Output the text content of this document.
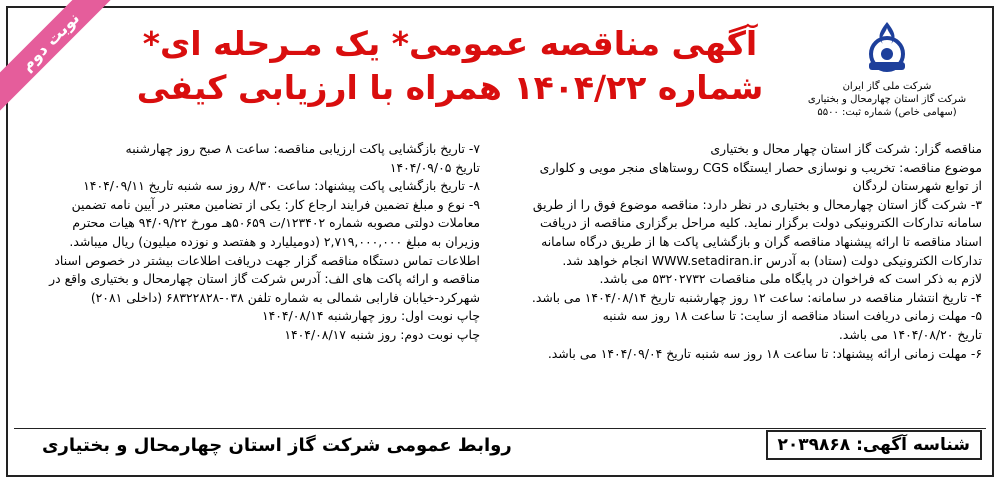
نوبت دوم
شرکت ملی گاز ایران
شرکت گاز استان چهارمحال و بختیاری
(سهامی خاص) شماره ثبت: ۵۵۰۰
آگهی مناقصه عمومی* یک مـرحله ای*
شماره ۱۴۰۴/۲۲ همراه با ارزیابی کیفی
مناقصه گزار: شرکت گاز استان چهار محال و بختیاری
موضوع مناقصه: تخریب و نوسازی حصار ایستگاه CGS روستاهای منجر مویی و کلواری
از توابع شهرستان لردگان
۳- شرکت گاز استان چهارمحال و بختیاری در نظر دارد: مناقصه موضوع فوق را از طریق
سامانه تدارکات الکترونیکی دولت برگزار نماید. کلیه مراحل برگزاری مناقصه از دریافت
اسناد مناقصه تا ارائه پیشنهاد مناقصه گران و بازگشایی پاکت ها از طریق درگاه سامانه
تدارکات الکترونیکی دولت (ستاد) به آدرس WWW.setadiran.ir انجام خواهد شد.
لازم به ذکر است که فراخوان در پایگاه ملی مناقصات ۵۳۲۰۲۷۳۲ می باشد.
۴- تاریخ انتشار مناقصه در سامانه: ساعت ۱۲ روز چهارشنبه تاریخ ۱۴۰۴/۰۸/۱۴ می باشد.
۵- مهلت زمانی دریافت اسناد مناقصه از سایت: تا ساعت ۱۸ روز سه شنبه
تاریخ ۱۴۰۴/۰۸/۲۰ می باشد.
۶- مهلت زمانی ارائه پیشنهاد: تا ساعت ۱۸ روز سه شنبه تاریخ ۱۴۰۴/۰۹/۰۴ می باشد.
۷- تاریخ بازگشایی پاکت ارزیابی مناقصه: ساعت ۸ صبح روز چهارشنبه
تاریخ ۱۴۰۴/۰۹/۰۵
۸- تاریخ بازگشایی پاکت پیشنهاد: ساعت ۸/۳۰ روز سه شنبه تاریخ ۱۴۰۴/۰۹/۱۱
۹- نوع و مبلغ تضمین فرایند ارجاع کار: یکی از تضامین معتبر در آیین نامه تضمین
معاملات دولتی مصوبه شماره ۱۲۳۴۰۲/ت ۵۰۶۵۹هـ مورخ ۹۴/۰۹/۲۲ هیات محترم
وزیران به مبلغ ۲,۷۱۹,۰۰۰,۰۰۰ (دومیلیارد و هفتصد و نوزده میلیون) ریال میباشد.
اطلاعات تماس دستگاه مناقصه گزار جهت دریافت اطلاعات بیشتر در خصوص اسناد
مناقصه و ارائه پاکت های الف: آدرس شرکت گاز استان چهارمحال و بختیاری واقع در
شهرکرد-خیابان فارابی شمالی به شماره تلفن ۰۳۸-۶۸۳۲۲۸۲۸ (داخلی ۲۰۸۱)
چاپ نوبت اول: روز چهارشنبه ۱۴۰۴/۰۸/۱۴
چاپ نوبت دوم: روز شنبه ۱۴۰۴/۰۸/۱۷
شناسه آگهی: ۲۰۳۹۸۶۸
روابط عمومی شرکت گاز استان چهارمحال و بختیاری
